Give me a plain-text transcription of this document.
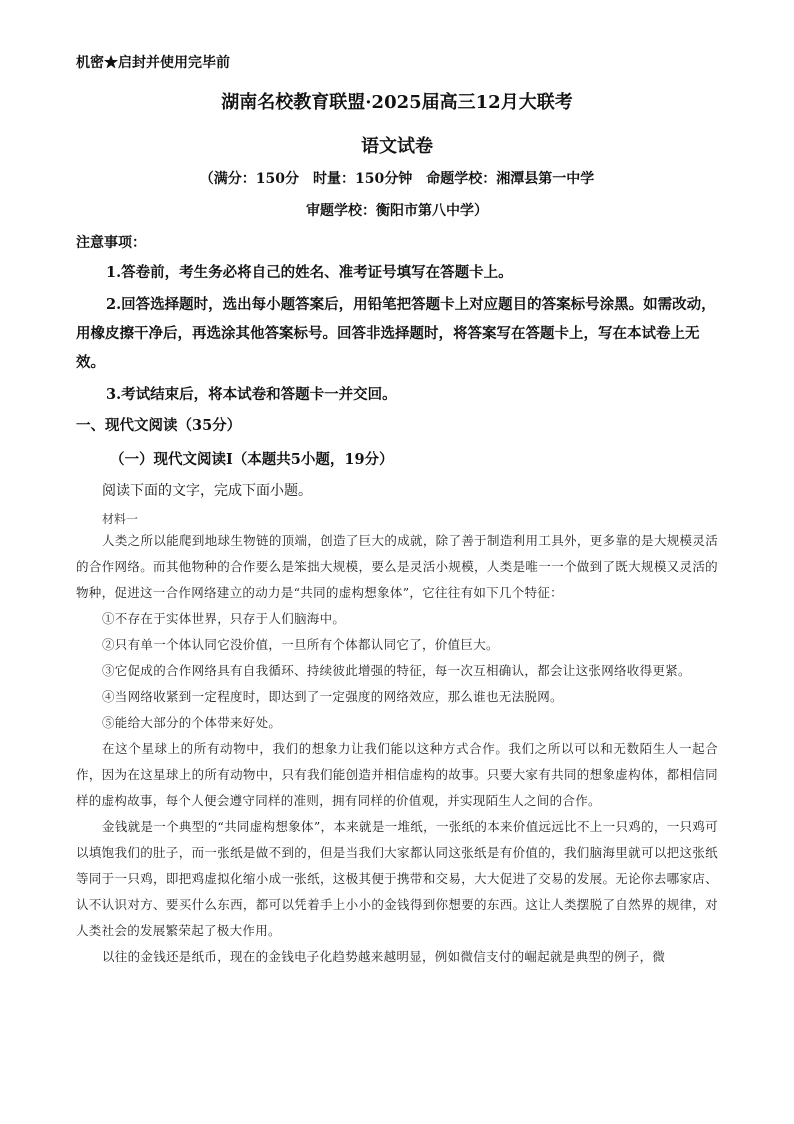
机密★启封并使用完毕前
湖南名校教育联盟·2025届高三12月大联考
语文试卷
（满分：150分　时量：150分钟　命题学校：湘潭县第一中学
审题学校：衡阳市第八中学）
注意事项：
1.答卷前，考生务必将自己的姓名、准考证号填写在答题卡上。
2.回答选择题时，选出每小题答案后，用铅笔把答题卡上对应题目的答案标号涂黑。如需改动，用橡皮擦干净后，再选涂其他答案标号。回答非选择题时，将答案写在答题卡上，写在本试卷上无效。
3.考试结束后，将本试卷和答题卡一并交回。
一、现代文阅读（35分）
（一）现代文阅读Ⅰ（本题共5小题，19分）
阅读下面的文字，完成下面小题。
材料一
人类之所以能爬到地球生物链的顶端，创造了巨大的成就，除了善于制造利用工具外，更多靠的是大规模灵活的合作网络。而其他物种的合作要么是笨拙大规模，要么是灵活小规模，人类是唯一一个做到了既大规模又灵活的物种，促进这一合作网络建立的动力是“共同的虚构想象体”，它往往有如下几个特征：
①不存在于实体世界，只存于人们脑海中。
②只有单一个体认同它没价值，一旦所有个体都认同它了，价值巨大。
③它促成的合作网络具有自我循环、持续彼此增强的特征，每一次互相确认，都会让这张网络收得更紧。
④当网络收紧到一定程度时，即达到了一定强度的网络效应，那么谁也无法脱网。
⑤能给大部分的个体带来好处。
在这个星球上的所有动物中，我们的想象力让我们能以这种方式合作。我们之所以可以和无数陌生人一起合作，因为在这星球上的所有动物中，只有我们能创造并相信虚构的故事。只要大家有共同的想象虚构体，都相信同样的虚构故事，每个人便会遵守同样的准则，拥有同样的价值观，并实现陌生人之间的合作。
金钱就是一个典型的“共同虚构想象体”，本来就是一堆纸，一张纸的本来价值远远比不上一只鸡的，一只鸡可以填饱我们的肚子，而一张纸是做不到的，但是当我们大家都认同这张纸是有价值的，我们脑海里就可以把这张纸等同于一只鸡，即把鸡虚拟化缩小成一张纸，这极其便于携带和交易，大大促进了交易的发展。无论你去哪家店、认不认识对方、要买什么东西，都可以凭着手上小小的金钱得到你想要的东西。这让人类摆脱了自然界的规律，对人类社会的发展繁荣起了极大作用。
以往的金钱还是纸币，现在的金钱电子化趋势越来越明显，例如微信支付的崛起就是典型的例子，微
